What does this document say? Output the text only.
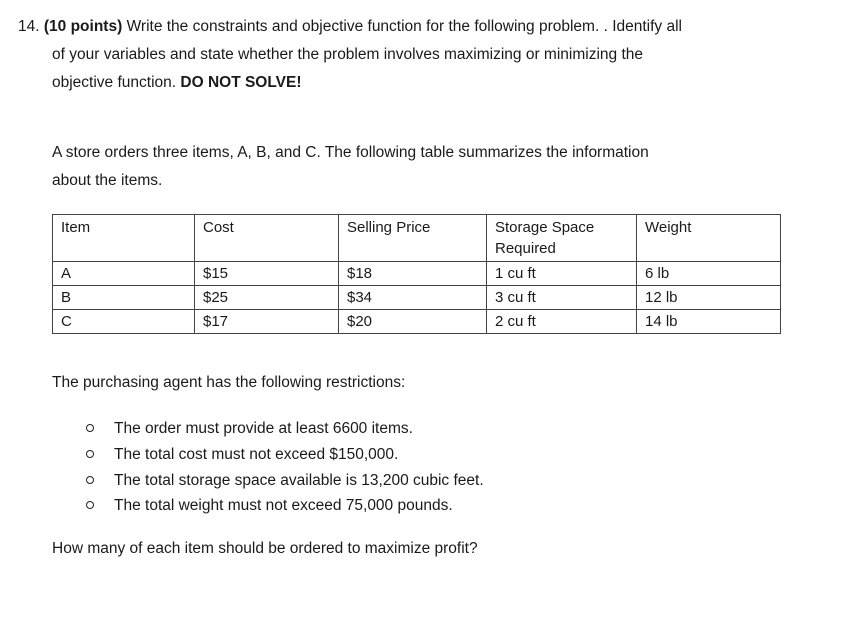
14. (10 points) Write the constraints and objective function for the following problem. . Identify all
of your variables and state whether the problem involves maximizing or minimizing the
objective function. DO NOT SOLVE!
A store orders three items, A, B, and C. The following table summarizes the information
about the items.
Item	Cost	Selling Price	Storage Space Required	Weight
A	$15	$18	1 cu ft	6 lb
B	$25	$34	3 cu ft	12 lb
C	$17	$20	2 cu ft	14 lb
The purchasing agent has the following restrictions:
The order must provide at least 6600 items.
The total cost must not exceed $150,000.
The total storage space available is 13,200 cubic feet.
The total weight must not exceed 75,000 pounds.
How many of each item should be ordered to maximize profit?
